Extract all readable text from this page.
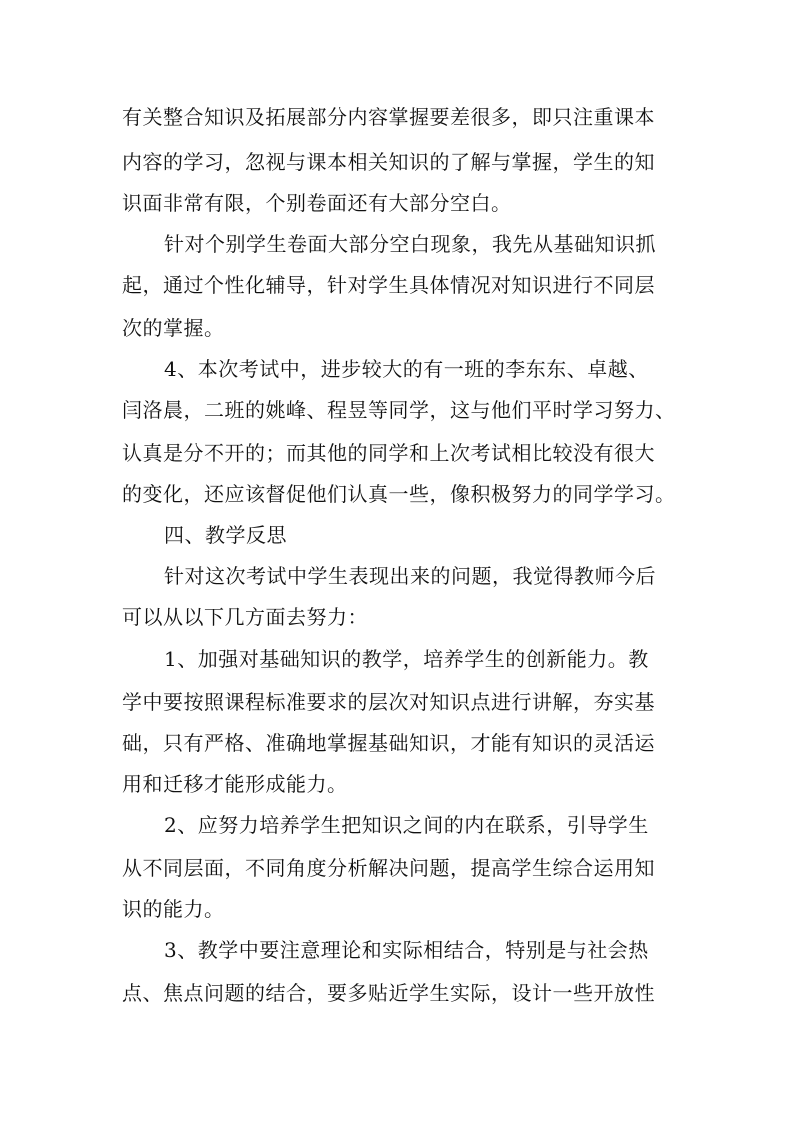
有关整合知识及拓展部分内容掌握要差很多，即只注重课本

内容的学习，忽视与课本相关知识的了解与掌握，学生的知

识面非常有限，个别卷面还有大部分空白。

针对个别学生卷面大部分空白现象，我先从基础知识抓

起，通过个性化辅导，针对学生具体情况对知识进行不同层

次的掌握。

4、本次考试中，进步较大的有一班的李东东、卓越、

闫洛晨，二班的姚峰、程昱等同学，这与他们平时学习努力、

认真是分不开的；而其他的同学和上次考试相比较没有很大

的变化，还应该督促他们认真一些，像积极努力的同学学习。

四、教学反思

针对这次考试中学生表现出来的问题，我觉得教师今后

可以从以下几方面去努力：

1、加强对基础知识的教学，培养学生的创新能力。教

学中要按照课程标准要求的层次对知识点进行讲解，夯实基

础，只有严格、准确地掌握基础知识，才能有知识的灵活运

用和迁移才能形成能力。

2、应努力培养学生把知识之间的内在联系，引导学生

从不同层面，不同角度分析解决问题，提高学生综合运用知

识的能力。

3、教学中要注意理论和实际相结合，特别是与社会热

点、焦点问题的结合，要多贴近学生实际，设计一些开放性
